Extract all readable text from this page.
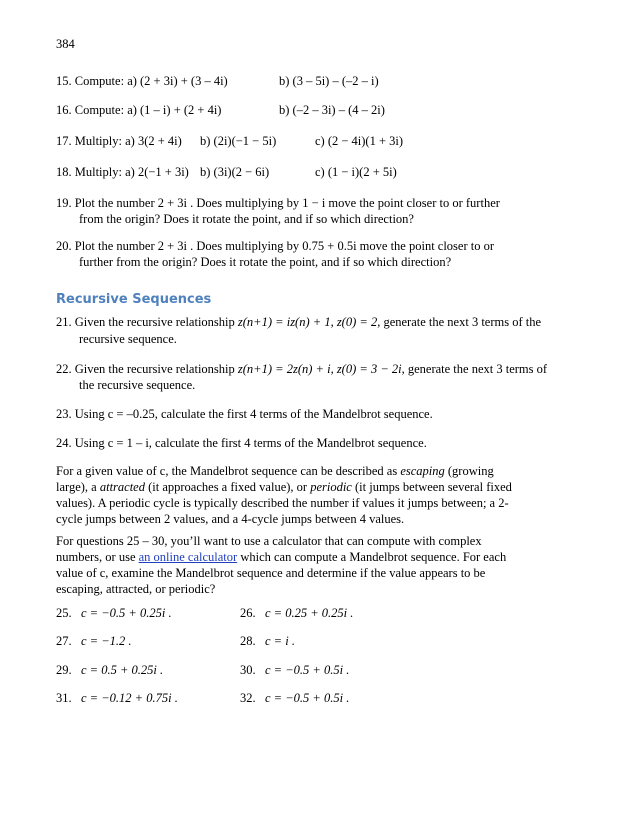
384
15. Compute: a) (2 + 3i) + (3 – 4i)	b) (3 – 5i) – (–2 – i)
16. Compute: a) (1 – i) + (2 + 4i)	b) (–2 – 3i) – (4 – 2i)
17. Multiply: a) 3(2 + 4i) b) (2i)(−1 − 5i)	c) (2 − 4i)(1 + 3i)
18. Multiply: a) 2(−1 + 3i) b) (3i)(2 − 6i)	c) (1 − i)(2 + 5i)
19. Plot the number 2 + 3i . Does multiplying by 1 − i move the point closer to or further
from the origin? Does it rotate the point, and if so which direction?
20. Plot the number 2 + 3i . Does multiplying by 0.75 + 0.5i move the point closer to or
further from the origin? Does it rotate the point, and if so which direction?
Recursive Sequences
21. Given the recursive relationship z(n+1) = iz(n) + 1, z(0) = 2, generate the next 3 terms of the
recursive sequence.
22. Given the recursive relationship z(n+1) = 2z(n) + i, z(0) = 3 − 2i, generate the next 3 terms of
the recursive sequence.
23. Using c = –0.25, calculate the first 4 terms of the Mandelbrot sequence.
24. Using c = 1 – i, calculate the first 4 terms of the Mandelbrot sequence.
For a given value of c, the Mandelbrot sequence can be described as escaping (growing
large), a attracted (it approaches a fixed value), or periodic (it jumps between several fixed
values). A periodic cycle is typically described the number if values it jumps between; a 2-
cycle jumps between 2 values, and a 4-cycle jumps between 4 values.
For questions 25 – 30, you’ll want to use a calculator that can compute with complex
numbers, or use an online calculator which can compute a Mandelbrot sequence. For each
value of c, examine the Mandelbrot sequence and determine if the value appears to be
escaping, attracted, or periodic?
25. c = −0.5 + 0.25i .	26. c = 0.25 + 0.25i .
27. c = −1.2 .	28. c = i .
29. c = 0.5 + 0.25i .	30. c = −0.5 + 0.5i .
31. c = −0.12 + 0.75i .	32. c = −0.5 + 0.5i .
